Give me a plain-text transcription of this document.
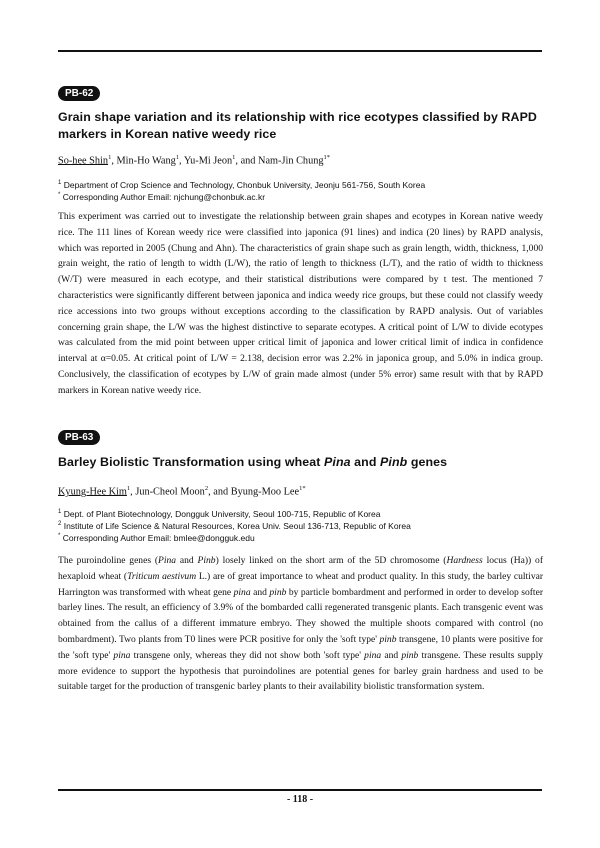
PB-62
Grain shape variation and its relationship with rice ecotypes classified by RAPD markers in Korean native weedy rice
So-hee Shin$^1$, Min-Ho Wang$^1$, Yu-Mi Jeon$^1$, and Nam-Jin Chung$^{1*}$
$^1$ Department of Crop Science and Technology, Chonbuk University, Jeonju 561-756, South Korea
* Corresponding Author Email: njchung@chonbuk.ac.kr
This experiment was carried out to investigate the relationship between grain shapes and ecotypes in Korean native weedy rice. The 111 lines of Korean weedy rice were classified into japonica (91 lines) and indica (20 lines) by RAPD analysis, which was reported in 2005 (Chung and Ahn). The characteristics of grain shape such as grain length, width, thickness, 1,000 grain weight, the ratio of length to width (L/W), the ratio of length to thickness (L/T), and the ratio of width to thickness (W/T) were measured in each ecotype, and their statistical distributions were compared by t test. The mentioned 7 characteristics were significantly different between japonica and indica weedy rice groups, but these could not classify weedy rice accessions into two groups without exceptions according to the classification by RAPD analysis. Out of variables concerning grain shape, the L/W was the highest distinctive to separate ecotypes. A critical point of L/W to divide ecotypes was calculated from the mid point between upper critical limit of japonica and lower critical limit of indica in confidence interval at α=0.05. At critical point of L/W = 2.138, decision error was 2.2% in japonica group, and 5.0% in indica group. Conclusively, the classification of ecotypes by L/W of grain made almost (under 5% error) same result with that by RAPD markers in Korean native weedy rice.
PB-63
Barley Biolistic Transformation using wheat Pina and Pinb genes
Kyung-Hee Kim$^1$, Jun-Cheol Moon$^2$, and Byung-Moo Lee$^{1*}$
$^1$ Dept. of Plant Biotechnology, Dongguk University, Seoul 100-715, Republic of Korea
$^2$ Institute of Life Science & Natural Resources, Korea Univ. Seoul 136-713, Republic of Korea
* Corresponding Author Email: bmlee@dongguk.edu
The puroindoline genes (Pina and Pinb) losely linked on the short arm of the 5D chromosome (Hardness locus (Ha)) of hexaploid wheat (Triticum aestivum L.) are of great importance to wheat and product quality. In this study, the barley cultivar Harrington was transformed with wheat gene pina and pinb by particle bombardment and performed in order to develop softer barley lines. The result, an efficiency of 3.9% of the bombarded calli regenerated transgenic plants. Each transgenic event was obtained from the callus of a different immature embryo. They showed the multiple shoots compared with control (no bombardment). Two plants from T0 lines were PCR positive for only the 'soft type' pinb transgene, 10 plants were positive for the 'soft type' pina transgene only, whereas they did not show both 'soft type' pina and pinb transgene. These results supply more evidence to support the hypothesis that puroindolines are potential genes for barley grain hardness and used to be suitable target for the production of transgenic barley plants to their availability biolistic transformation system.
- 118 -
